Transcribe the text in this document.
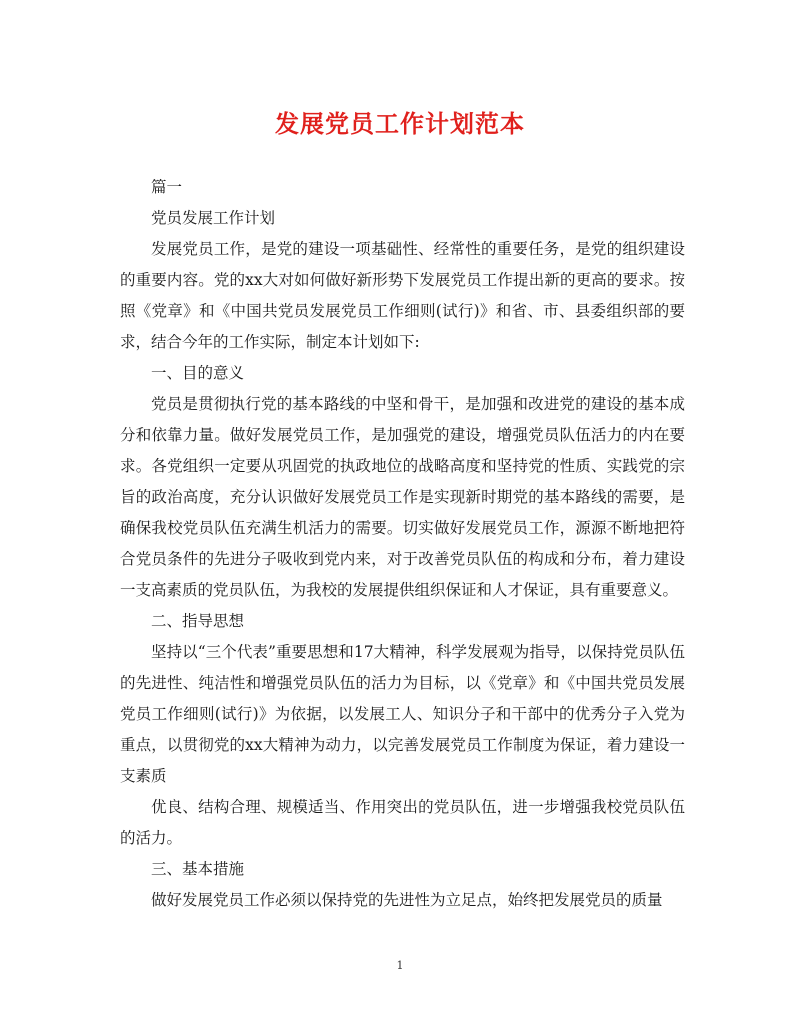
发展党员工作计划范本

篇一

党员发展工作计划

发展党员工作，是党的建设一项基础性、经常性的重要任务，是党的组织建设的重要内容。党的xx大对如何做好新形势下发展党员工作提出新的更高的要求。按照《党章》和《中国共党员发展党员工作细则(试行)》和省、市、县委组织部的要求，结合今年的工作实际，制定本计划如下:

一、目的意义

党员是贯彻执行党的基本路线的中坚和骨干，是加强和改进党的建设的基本成分和依靠力量。做好发展党员工作，是加强党的建设，增强党员队伍活力的内在要求。各党组织一定要从巩固党的执政地位的战略高度和坚持党的性质、实践党的宗旨的政治高度，充分认识做好发展党员工作是实现新时期党的基本路线的需要，是确保我校党员队伍充满生机活力的需要。切实做好发展党员工作，源源不断地把符合党员条件的先进分子吸收到党内来，对于改善党员队伍的构成和分布，着力建设一支高素质的党员队伍，为我校的发展提供组织保证和人才保证，具有重要意义。

二、指导思想

坚持以“三个代表”重要思想和17大精神，科学发展观为指导，以保持党员队伍的先进性、纯洁性和增强党员队伍的活力为目标，以《党章》和《中国共党员发展党员工作细则(试行)》为依据，以发展工人、知识分子和干部中的优秀分子入党为重点，以贯彻党的xx大精神为动力，以完善发展党员工作制度为保证，着力建设一支素质

优良、结构合理、规模适当、作用突出的党员队伍，进一步增强我校党员队伍的活力。

三、基本措施

做好发展党员工作必须以保持党的先进性为立足点，始终把发展党员的质量

1
